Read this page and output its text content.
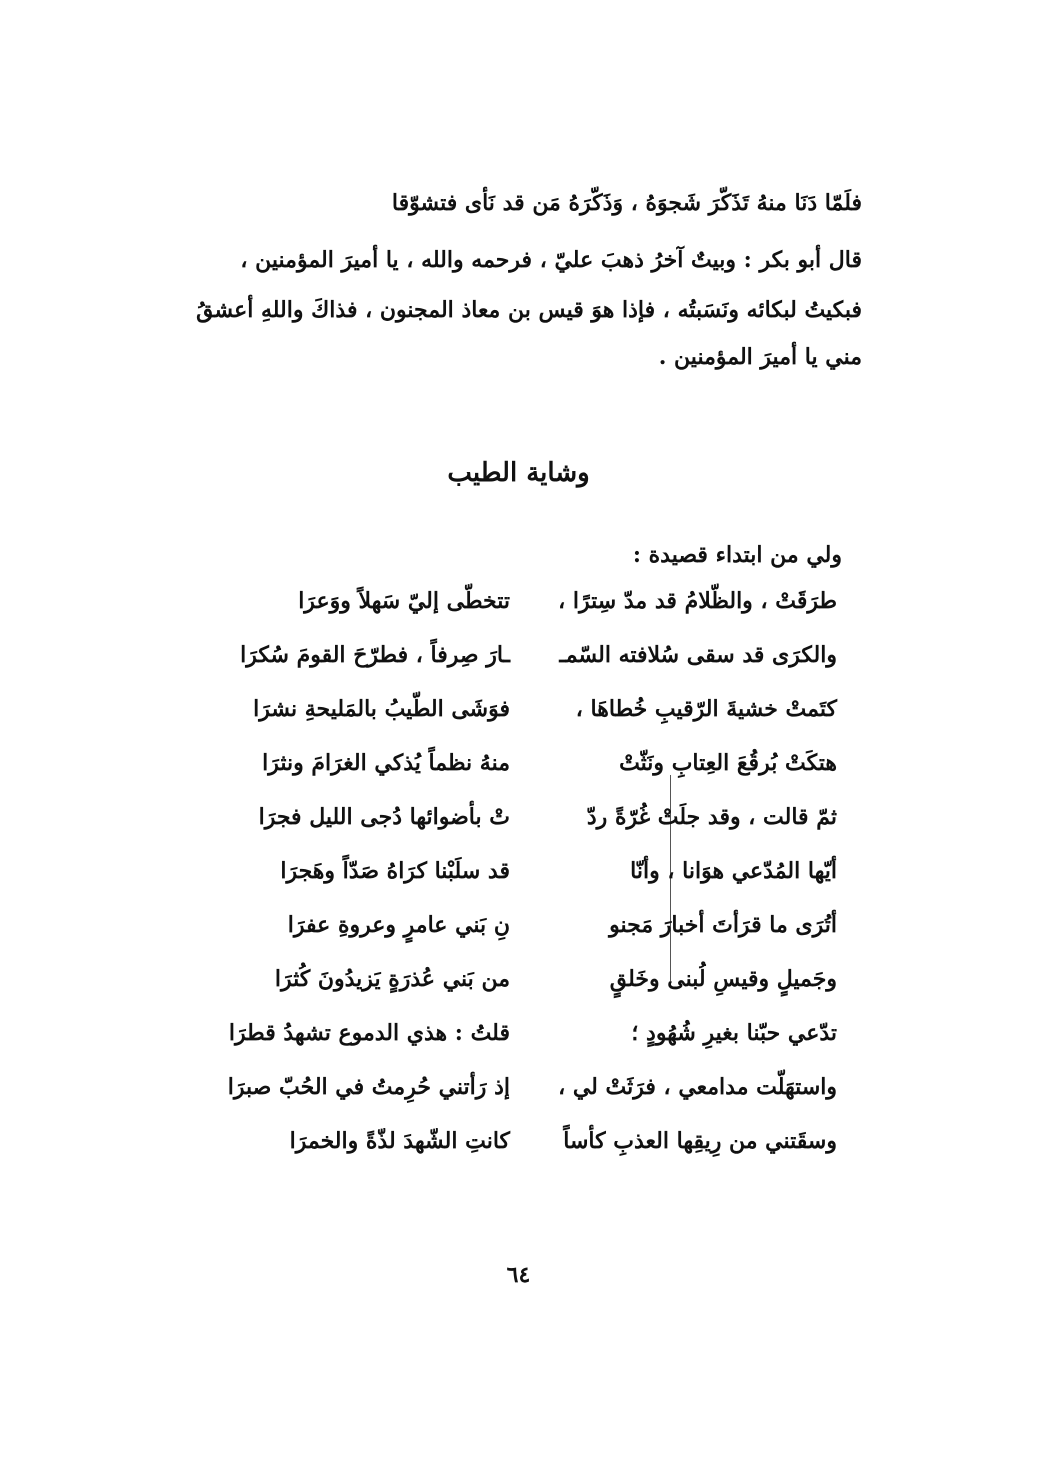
فلَمّا دَنَا منهُ تَذَكّرَ شَجوَهُ ، وَذَكّرَهُ مَن قد نَأى فتشوّقا
قال أبو بكر : وبيتٌ آخرُ ذهبَ عليّ ، فرحمه والله ، يا أميرَ المؤمنين ،
فبكيتُ لبكائه ونَسَبتُه ، فإذا هوَ قيس بن معاذ المجنون ، فذاكَ واللهِ أعشقُ
مني يا أميرَ المؤمنين .
وشاية الطيب
ولي من ابتداء قصيدة :
طرَقَتْ ، والظّلامُ قد مدّ سِترًا ،
تتخطّى إليّ سَهلاً ووَعرَا
والكرَى قد سقى سُلافته السّمـ
ـارَ صِرفاً ، فطرّحَ القومَ سُكرَا
كتَمتْ خشيةَ الرّقيبِ خُطاهَا ،
فوَشَى الطّيبُ بالمَليحةِ نشرَا
هتكَتْ بُرقُعَ العِتابِ ونَثّتْ
منهُ نظماً يُذكي الغرَامَ ونثرَا
ثمّ قالت ، وقد جلَتْ غُرّةً ردّ
تْ بأضوائها دُجى الليل فجرَا
أيّها المُدّعي هوَانا ، وأنّا
قد سلَبْنا كرَاهُ صَدّاً وهَجرَا
أتُرَى ما قرَأتَ أخبارَ مَجنو
نِ بَني عامرٍ وعروةِ عفرَا
وجَميلٍ وقيسِ لُبنى وخَلقٍ
من بَني عُذرَةٍ يَزيدُونَ كُثرَا
تدّعي حبّنا بغيرِ شُهُودٍ ؛
قلتُ : هذي الدموع تشهدُ قطرَا
واستهَلّت مدامعي ، فرَثَتْ لي ،
إذ رَأتني حُرِمتُ في الحُبّ صبرَا
وسقَتني من رِيقِها العذبِ كأساً
كانتِ الشّهدَ لذّةً والخمرَا
٦٤
